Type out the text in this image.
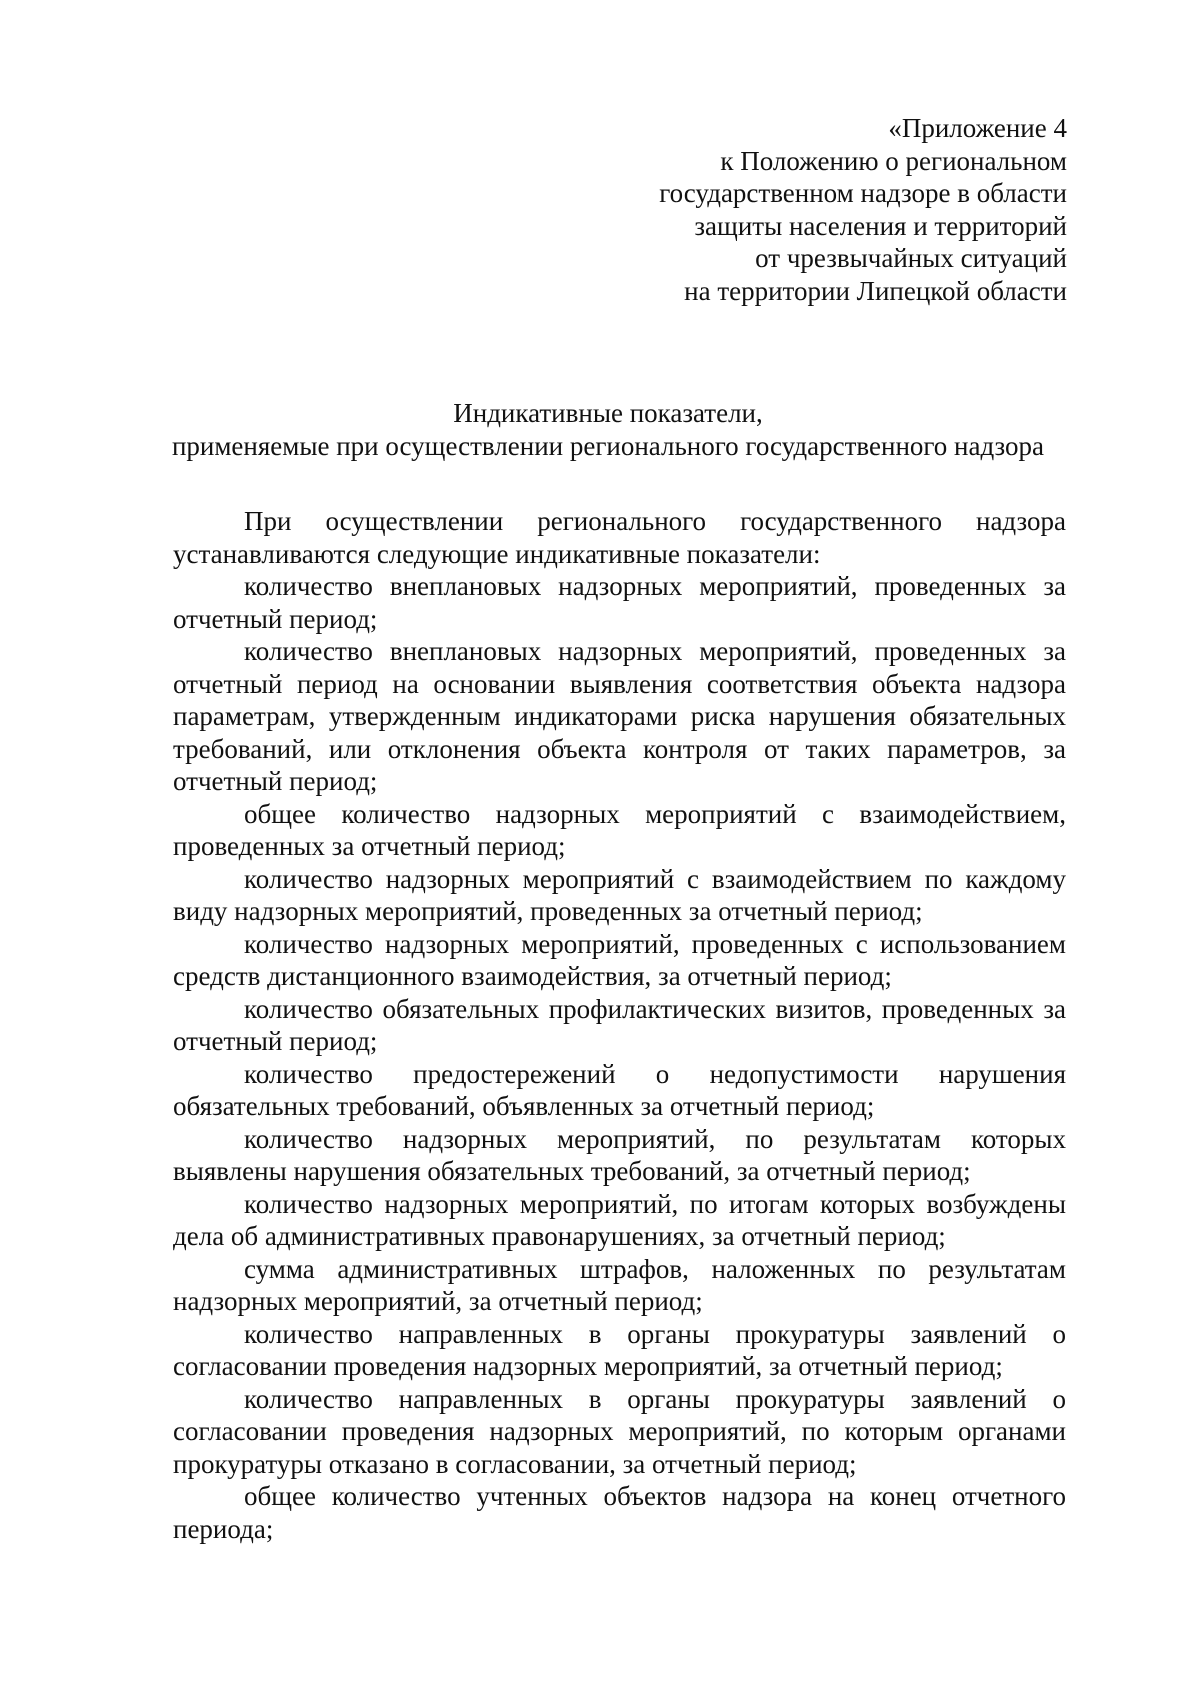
«Приложение 4
к Положению о региональном
государственном надзоре в области
защиты населения и территорий
от чрезвычайных ситуаций
на территории Липецкой области
Индикативные показатели,
применяемые при осуществлении регионального государственного надзора

При осуществлении регионального государственного надзора устанавливаются следующие индикативные показатели:

количество внеплановых надзорных мероприятий, проведенных за отчетный период;

количество внеплановых надзорных мероприятий, проведенных за отчетный период на основании выявления соответствия объекта надзора параметрам, утвержденным индикаторами риска нарушения обязательных требований, или отклонения объекта контроля от таких параметров, за отчетный период;

общее количество надзорных мероприятий с взаимодействием, проведенных за отчетный период;

количество надзорных мероприятий с взаимодействием по каждому виду надзорных мероприятий, проведенных за отчетный период;

количество надзорных мероприятий, проведенных с использованием средств дистанционного взаимодействия, за отчетный период;

количество обязательных профилактических визитов, проведенных за отчетный период;

количество предостережений о недопустимости нарушения обязательных требований, объявленных за отчетный период;

количество надзорных мероприятий, по результатам которых выявлены нарушения обязательных требований, за отчетный период;

количество надзорных мероприятий, по итогам которых возбуждены дела об административных правонарушениях, за отчетный период;

сумма административных штрафов, наложенных по результатам надзорных мероприятий, за отчетный период;

количество направленных в органы прокуратуры заявлений о согласовании проведения надзорных мероприятий, за отчетный период;

количество направленных в органы прокуратуры заявлений о согласовании проведения надзорных мероприятий, по которым органами прокуратуры отказано в согласовании, за отчетный период;

общее количество учтенных объектов надзора на конец отчетного периода;
